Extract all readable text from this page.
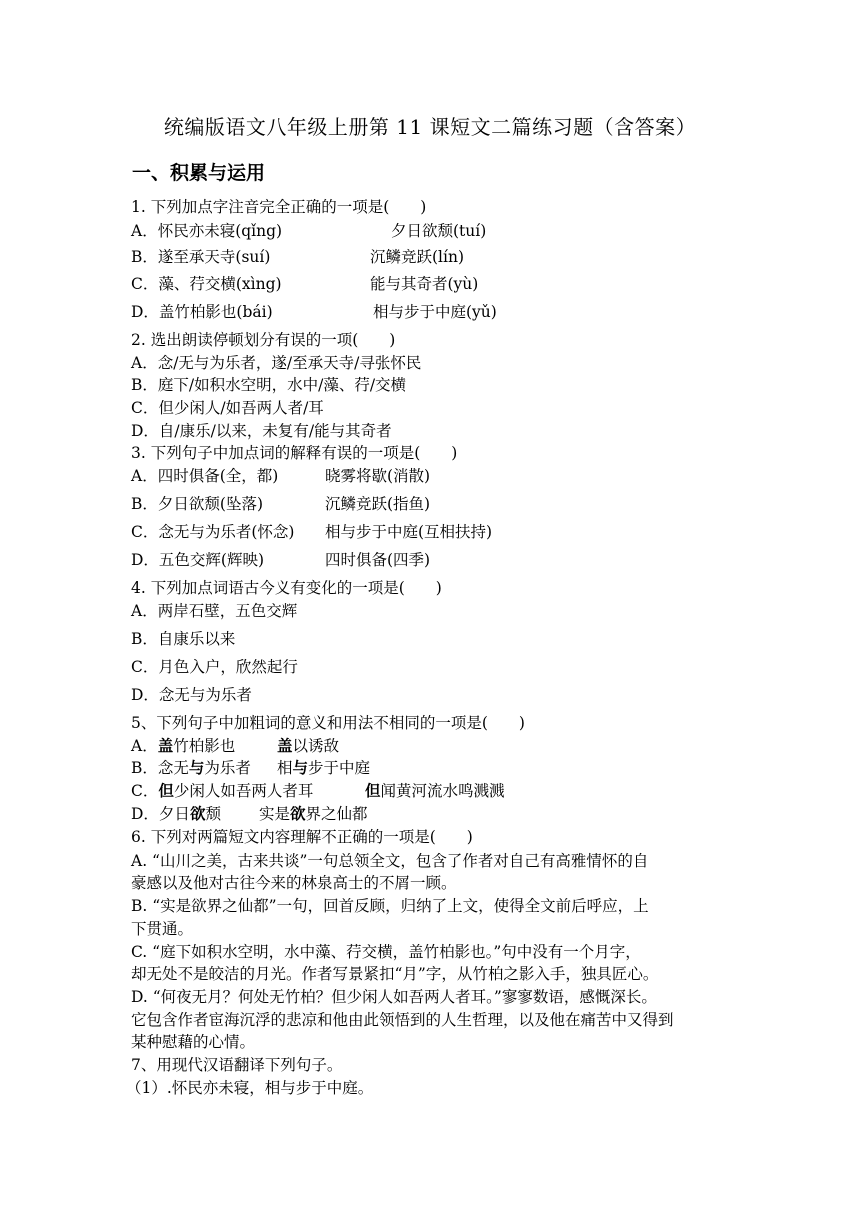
统编版语文八年级上册第 11 课短文二篇练习题（含答案）
一、积累与运用
1. 下列加点字注音完全正确的一项是(　　)
A．怀民亦未寝(qǐng)	夕日欲颓(tuí)
B．遂至承天寺(suí)	沉鳞竞跃(lín)
C．藻、荇交横(xìng)	能与其奇者(yù)
D．盖竹柏影也(bái)	相与步于中庭(yǔ)
2. 选出朗读停顿划分有误的一项(　　)
A．念/无与为乐者，遂/至承天寺/寻张怀民
B．庭下/如积水空明，水中/藻、荇/交横
C．但少闲人/如吾两人者/耳
D．自/康乐/以来，未复有/能与其奇者
3. 下列句子中加点词的解释有误的一项是(　　)
A．四时俱备(全，都)	晓雾将歇(消散)
B．夕日欲颓(坠落)	沉鳞竞跃(指鱼)
C．念无与为乐者(怀念) 相与步于中庭(互相扶持)
D．五色交辉(辉映)	四时俱备(四季)
4. 下列加点词语古今义有变化的一项是(　　)
A．两岸石壁，五色交辉
B．自康乐以来
C．月色入户，欣然起行
D．念无与为乐者
5、下列句子中加粗词的意义和用法不相同的一项是(　　)
A．盖竹柏影也	盖以诱敌
B．念无与为乐者 相与步于中庭
C．但少闲人如吾两人者耳	但闻黄河流水鸣溅溅
D．夕日欲颓 实是欲界之仙都
6. 下列对两篇短文内容理解不正确的一项是(　　)
A. “山川之美，古来共谈”一句总领全文，包含了作者对自己有高雅情怀的自
豪感以及他对古往今来的林泉高士的不屑一顾。
B. “实是欲界之仙都”一句，回首反顾，归纳了上文，使得全文前后呼应，上
下贯通。
C. “庭下如积水空明，水中藻、荇交横，盖竹柏影也。”句中没有一个月字，
却无处不是皎洁的月光。作者写景紧扣“月”字，从竹柏之影入手，独具匠心。
D. “何夜无月？何处无竹柏？但少闲人如吾两人者耳。”寥寥数语，感慨深长。
它包含作者宦海沉浮的悲凉和他由此领悟到的人生哲理，以及他在痛苦中又得到
某种慰藉的心情。
7、用现代汉语翻译下列句子。
（1）.怀民亦未寝，相与步于中庭。
